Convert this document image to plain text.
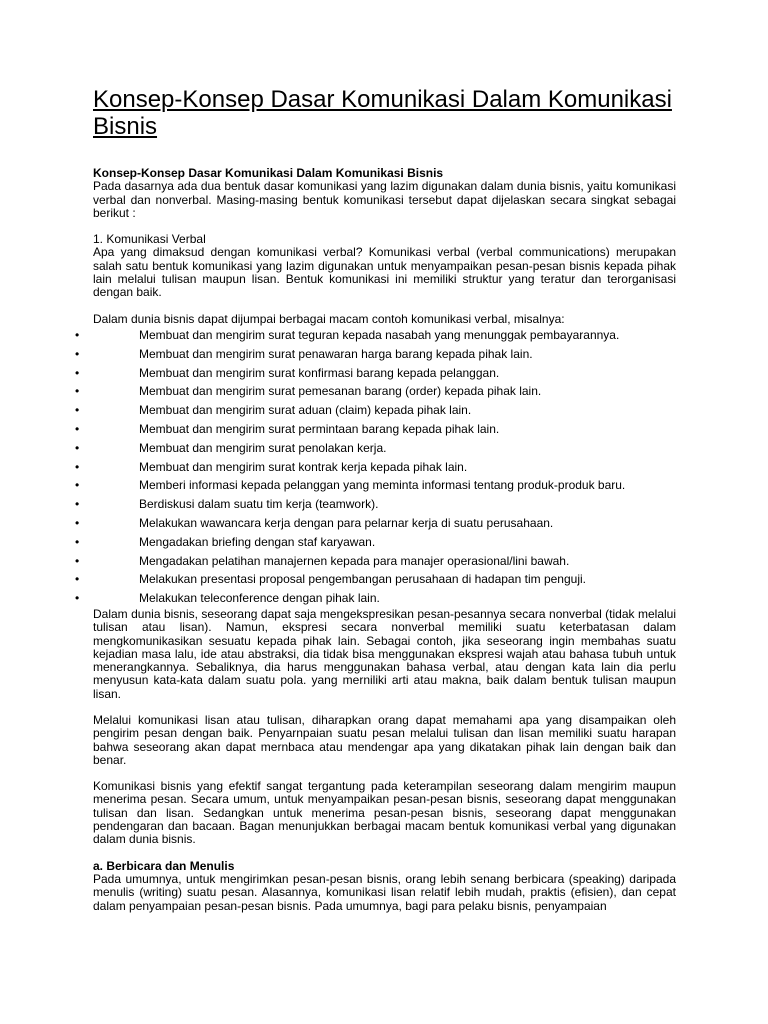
Konsep-Konsep Dasar Komunikasi Dalam Komunikasi Bisnis

Konsep-Konsep Dasar Komunikasi Dalam Komunikasi Bisnis

Pada dasarnya ada dua bentuk dasar komunikasi yang lazim digunakan dalam dunia bisnis, yaitu komunikasi verbal dan nonverbal. Masing-masing bentuk komunikasi tersebut dapat dijelaskan secara singkat sebagai berikut :

1. Komunikasi Verbal

Apa yang dimaksud dengan komunikasi verbal? Komunikasi verbal (verbal communications) merupakan salah satu bentuk komunikasi yang lazim digunakan untuk menyampaikan pesan-pesan bisnis kepada pihak lain melalui tulisan maupun lisan. Bentuk komunikasi ini memiliki struktur yang teratur dan terorganisasi dengan baik.

Dalam dunia bisnis dapat dijumpai berbagai macam contoh komunikasi verbal, misalnya:

•	Membuat dan mengirim surat teguran kepada nasabah yang menunggak pembayarannya.
•	Membuat dan mengirim surat penawaran harga barang kepada pihak lain.
•	Membuat dan mengirim surat konfirmasi barang kepada pelanggan.
•	Membuat dan mengirim surat pemesanan barang (order) kepada pihak lain.
•	Membuat dan mengirim surat aduan (claim) kepada pihak lain.
•	Membuat dan mengirim surat permintaan barang kepada pihak lain.
•	Membuat dan mengirim surat penolakan kerja.
•	Membuat dan mengirim surat kontrak kerja kepada pihak lain.
•	Memberi informasi kepada pelanggan yang meminta informasi tentang produk-produk baru.
•	Berdiskusi dalam suatu tim kerja (teamwork).
•	Melakukan wawancara kerja dengan para pelarnar kerja di suatu perusahaan.
•	Mengadakan briefing dengan staf karyawan.
•	Mengadakan pelatihan manajernen kepada para manajer operasional/lini bawah.
•	Melakukan presentasi proposal pengembangan perusahaan di hadapan tim penguji.
•	Melakukan teleconference dengan pihak lain.

Dalam dunia bisnis, seseorang dapat saja mengekspresikan pesan-pesannya secara nonverbal (tidak melalui tulisan atau lisan). Namun, ekspresi secara nonverbal memiliki suatu keterbatasan dalam mengkomunikasikan sesuatu kepada pihak lain. Sebagai contoh, jika seseorang ingin membahas suatu kejadian masa lalu, ide atau abstraksi, dia tidak bisa menggunakan ekspresi wajah atau bahasa tubuh untuk menerangkannya. Sebaliknya, dia harus menggunakan bahasa verbal, atau dengan kata lain dia perlu menyusun kata-kata dalam suatu pola. yang merniliki arti atau makna, baik dalam bentuk tulisan maupun lisan.

Melalui komunikasi lisan atau tulisan, diharapkan orang dapat memahami apa yang disampaikan oleh pengirim pesan dengan baik. Penyarnpaian suatu pesan melalui tulisan dan lisan memiliki suatu harapan bahwa seseorang akan dapat mernbaca atau mendengar apa yang dikatakan pihak lain dengan baik dan benar.

Komunikasi bisnis yang efektif sangat tergantung pada keterampilan seseorang dalam mengirim maupun menerima pesan. Secara umum, untuk menyampaikan pesan-pesan bisnis, seseorang dapat menggunakan tulisan dan lisan. Sedangkan untuk menerima pesan-pesan bisnis, seseorang dapat menggunakan pendengaran dan bacaan. Bagan menunjukkan berbagai macam bentuk komunikasi verbal yang digunakan dalam dunia bisnis.

a. Berbicara dan Menulis

Pada umumnya, untuk mengirimkan pesan-pesan bisnis, orang lebih senang berbicara (speaking) daripada menulis (writing) suatu pesan. Alasannya, komunikasi lisan relatif lebih mudah, praktis (efisien), dan cepat dalam penyampaian pesan-pesan bisnis. Pada umumnya, bagi para pelaku bisnis, penyampaian
